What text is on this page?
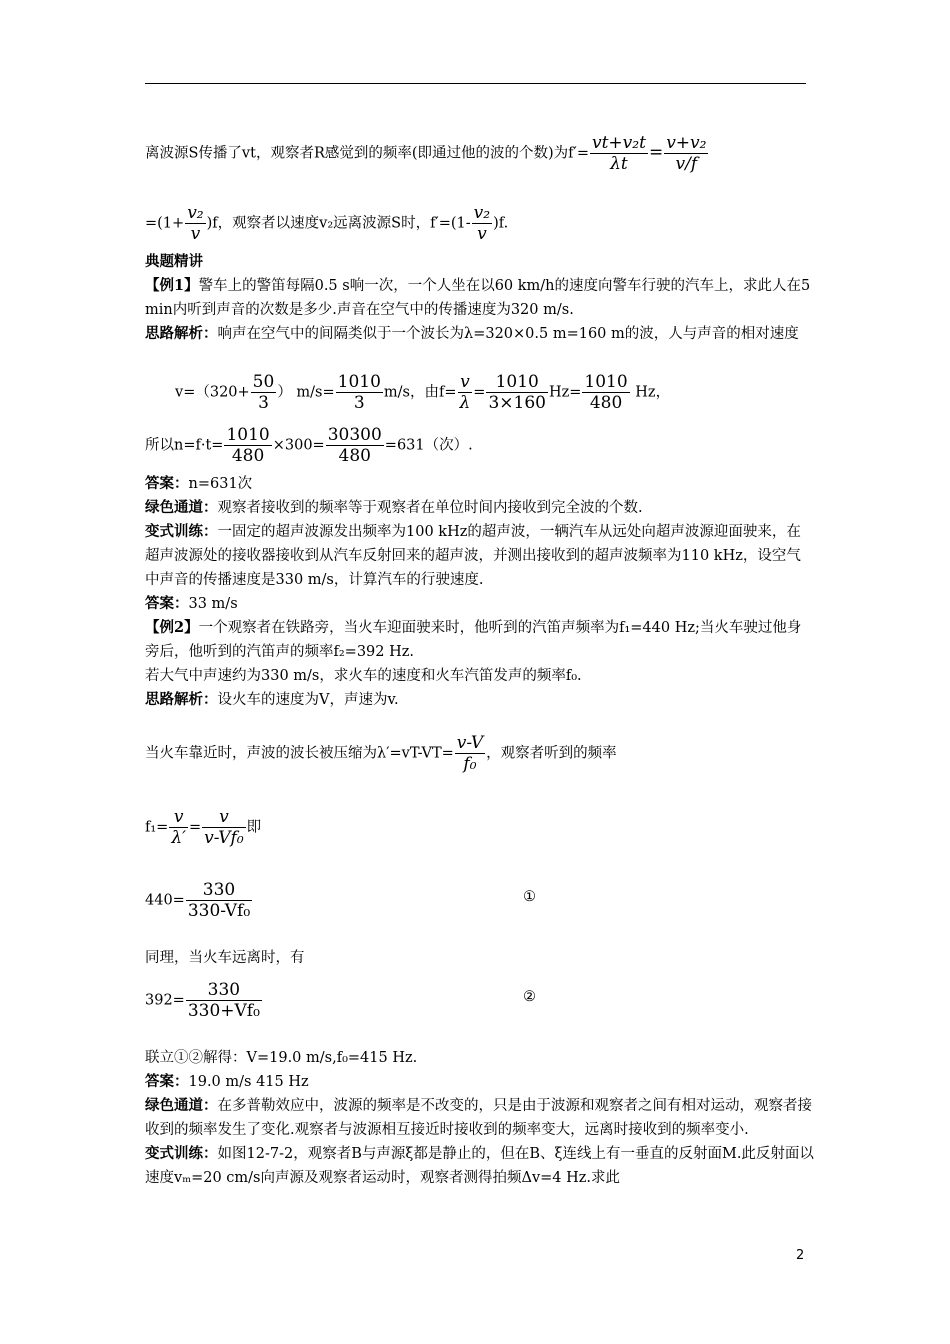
离波源S传播了vt，观察者R感觉到的频率(即通过他的波的个数)为$f'= \frac{\text{vt+v₂t}}{\lambda t} = \frac{\text{v+v₂}}{v/f}$
$=(1+ \frac{\text{v₂}}{v} )f$，观察者以速度v₂远离波源S时，$f'=(1- \frac{\text{v₂}}{v} )f$.
典题精讲
【例1】警车上的警笛每隔0.5 s响一次，一个人坐在以60 km/h的速度向警车行驶的汽车上，求此人在5 min内听到声音的次数是多少.声音在空气中的传播速度为320 m/s.
思路解析：响声在空气中的间隔类似于一个波长为λ=320×0.5 m=160 m的波，人与声音的相对速度
$v=(320+ \frac{50}{3}$ ） $m/s= \frac{1010}{3} m/s$，由$f= \frac{v}{\lambda} = \frac{1010}{3\times 160} Hz= \frac{1010}{480}$ Hz，
所以$n=f\cdot t= \frac{1010}{480} \times 300= \frac{30300}{480} =631$（次）.
答案：n=631次
绿色通道：观察者接收到的频率等于观察者在单位时间内接收到完全波的个数.
变式训练：一固定的超声波源发出频率为100 kHz的超声波，一辆汽车从远处向超声波源迎面驶来，在超声波源处的接收器接收到从汽车反射回来的超声波，并测出接收到的超声波频率为110 kHz，设空气中声音的传播速度是330 m/s，计算汽车的行驶速度.
答案：33 m/s
【例2】一个观察者在铁路旁，当火车迎面驶来时，他听到的汽笛声频率为f₁=440 Hz;当火车驶过他身旁后，他听到的汽笛声的频率f₂=392 Hz.
若大气中声速约为330 m/s，求火车的速度和火车汽笛发声的频率f₀.
思路解析：设火车的速度为V，声速为v.
当火车靠近时，声波的波长被压缩为$\lambda'=vT-VT= \frac{v-V}{\text{f₀}}$ ，观察者听到的频率
$f_1= \frac{v}{\lambda'} = \frac{v}{\text{v-Vf₀}}$ 即
$440= \frac{330}{\text{330-Vf₀}}$	①
同理，当火车远离时，有
$392= \frac{330}{\text{330+Vf₀}}$	②
联立①②解得：V=19.0 m/s,f₀=415 Hz.
答案：19.0 m/s 415 Hz
绿色通道：在多普勒效应中，波源的频率是不改变的，只是由于波源和观察者之间有相对运动，观察者接收到的频率发生了变化.观察者与波源相互接近时接收到的频率变大，远离时接收到的频率变小.
变式训练：如图12-7-2，观察者B与声源ξ都是静止的，但在B、ξ连线上有一垂直的反射面M.此反射面以速度vₘ=20 cm/s向声源及观察者运动时，观察者测得拍频Δv=4 Hz.求此
2
